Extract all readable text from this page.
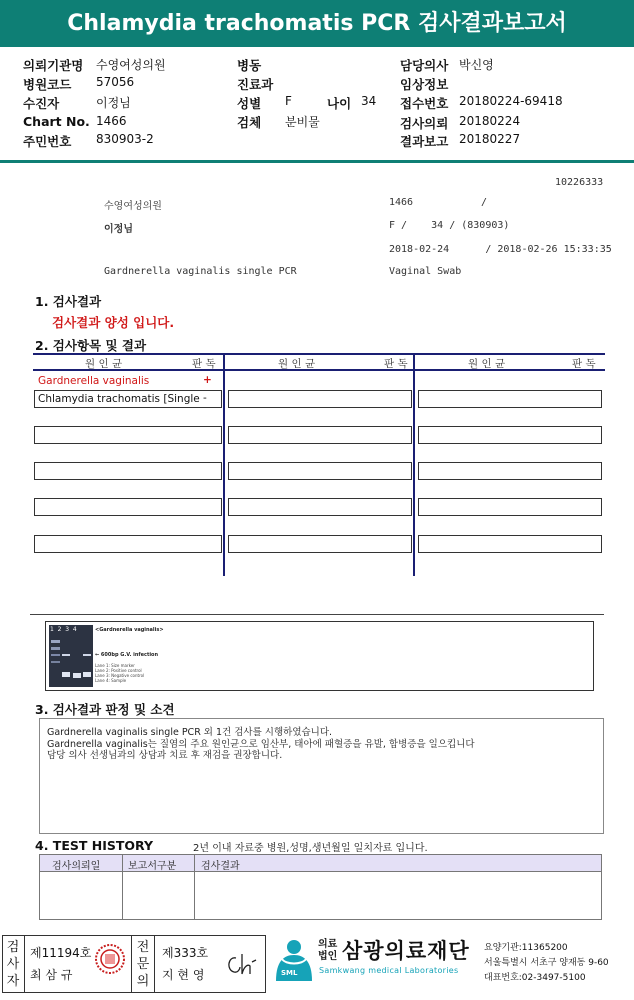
Chlamydia trachomatis PCR 검사결과보고서
의뢰기관명 수영여성의원
병원코드 57056
수진자	이정님
Chart No. 1466
주민번호 830903-2
병동
진료과
성별 F	나이 34
검체 분비물
담당의사 박신영
임상정보
접수번호 20180224-69418
검사의뢰 20180224
결과보고 20180227
10226333
수영여성의원	1466	/
이정님	F /    34 / (830903)
2018-02-24      / 2018-02-26 15:33:35
Gardnerella vaginalis single PCR	Vaginal Swab
1. 검사결과
검사결과 양성 입니다.
2. 검사항목 및 결과
원 인 균	판 독	원 인 균	판 독	원 인 균	판 독
Gardnerella vaginalis	+
Chlamydia trachomatis [Single -
1  2  3  4	<Gardnerella vaginalis>
← 600bp G.V. infection
Lane 1: Size marker
Lane 2: Positive control
Lane 3: Negative control
Lane 4: Sample
3. 검사결과 판정 및 소견
Gardnerella vaginalis single PCR 외 1건 검사를 시행하였습니다.
Gardnerella vaginalis는 질염의 주요 원인균으로 임산부, 태아에 패혈증을 유발, 합병증을 일으킵니다
담당 의사 선생님과의 상담과 치료 후 재검을 권장합니다.
4. TEST HISTORY	2년 이내 자료중 병원,성명,생년월일 일치자료 입니다.
검사의뢰일	보고서구분 검사결과
검사자
제11194호
최 삼 규
전문의
제333호
지 현 영	SML
의료법인 삼광의료재단
Samkwang medical Laboratories
요양기관:11365200
서울특별시 서초구 양재동 9-60
대표번호:02-3497-5100
